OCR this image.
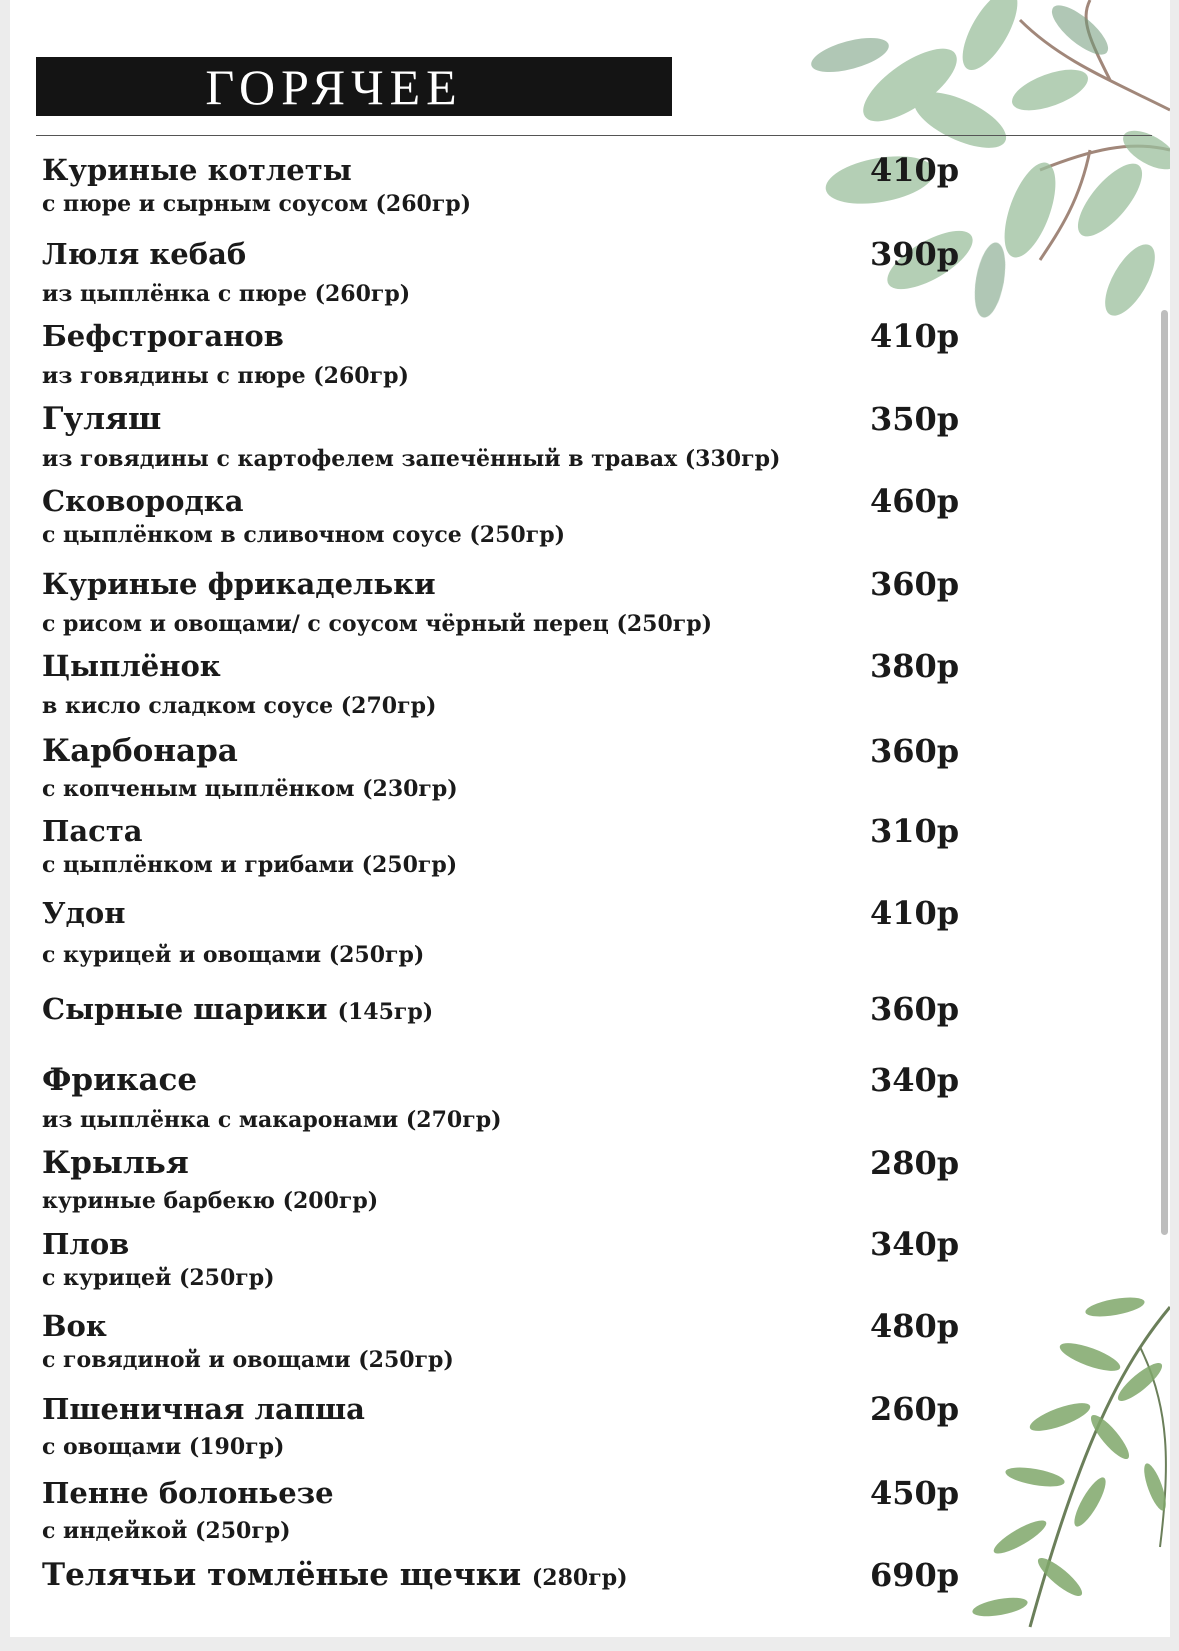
ГОРЯЧЕЕ
Куриные котлеты
с пюре и сырным соусом (260гр)
410р
Люля кебаб
из цыплёнка с пюре (260гр)
390р
Бефстроганов
из говядины с пюре (260гр)
410р
Гуляш
из говядины с картофелем запечённый в травах (330гр)
350р
Сковородка
с цыплёнком в сливочном соусе (250гр)
460р
Куриные фрикадельки
с рисом и овощами/ с соусом чёрный перец (250гр)
360р
Цыплёнок
в кисло сладком соусе (270гр)
380р
Карбонара
с копченым цыплёнком (230гр)
360р
Паста
с цыплёнком и грибами (250гр)
310р
Удон
с курицей и овощами (250гр)
410р
Сырные шарики (145гр)	360р
Фрикасе
из цыплёнка с макаронами (270гр)
340р
Крылья
куриные барбекю (200гр)
280р
Плов
с курицей (250гр)
340р
Вок
с говядиной и овощами (250гр)
480р
Пшеничная лапша
с овощами (190гр)
260р
Пенне болоньезе
с индейкой (250гр)
450р
Телячьи томлёные щечки (280гр)	690р
